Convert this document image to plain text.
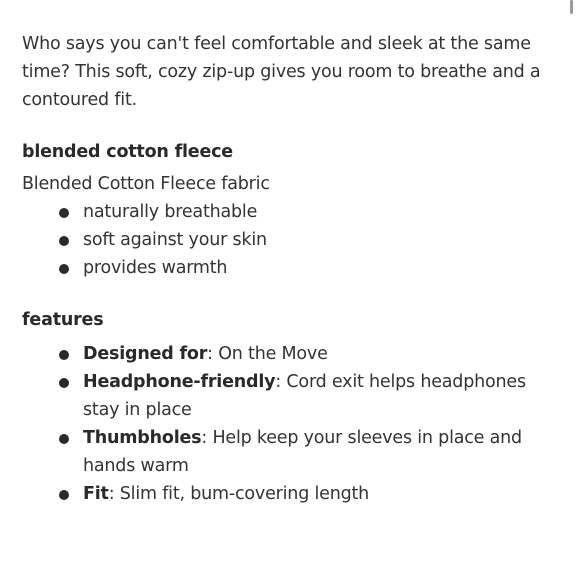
Who says you can't feel comfortable and sleek at the same time? This soft, cozy zip-up gives you room to breathe and a contoured fit.

blended cotton fleece

Blended Cotton Fleece fabric

naturally breathable
soft against your skin
provides warmth
features
Designed for: On the Move
Headphone-friendly: Cord exit helps headphones stay in place
Thumbholes: Help keep your sleeves in place and hands warm
Fit: Slim fit, bum-covering length
